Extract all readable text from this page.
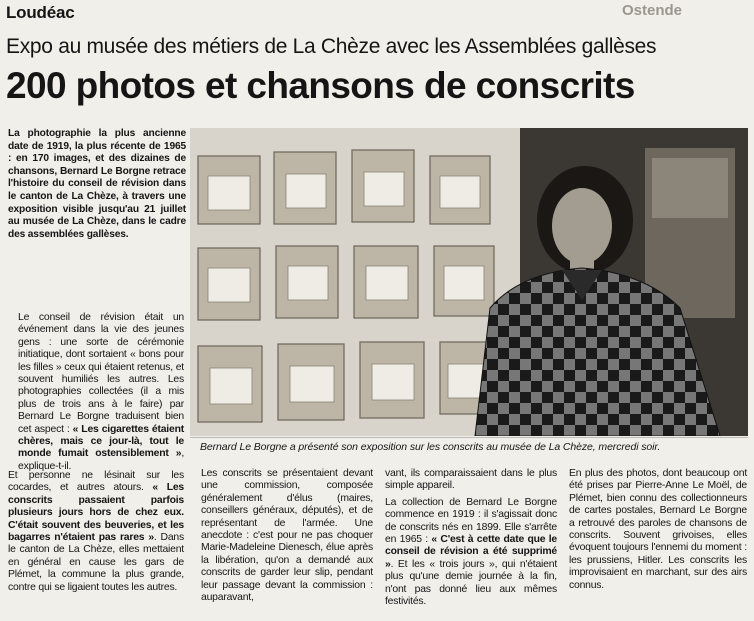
Ostende
Loudéac
Expo au musée des métiers de La Chèze avec les Assemblées gallèses
200 photos et chansons de conscrits
La photographie la plus ancienne date de 1919, la plus récente de 1965 : en 170 images, et des dizaines de chansons, Bernard Le Borgne retrace l'histoire du conseil de révision dans le canton de La Chèze, à travers une exposition visible jusqu'au 21 juillet au musée de La Chèze, dans le cadre des assemblées gallèses.
Bernard Le Borgne a présenté son exposition sur les conscrits au musée de La Chèze, mercredi soir.

Le conseil de révision était un événement dans la vie des jeunes gens : une sorte de cérémonie initiatique, dont sortaient « bons pour les filles » ceux qui étaient retenus, et souvent humiliés les autres. Les photographies collectées (il a mis plus de trois ans à le faire) par Bernard Le Borgne traduisent bien cet aspect : « Les cigarettes étaient chères, mais ce jour-là, tout le monde fumait ostensiblement », explique-t-il.

Et personne ne lésinait sur les cocardes, et autres atours. « Les conscrits passaient parfois plusieurs jours hors de chez eux. C'était souvent des beuveries, et les bagarres n'étaient pas rares ». Dans le canton de La Chèze, elles mettaient en général en cause les gars de Plémet, la commune la plus grande, contre qui se ligaient toutes les autres.

Les conscrits se présentaient devant une commission, composée généralement d'élus (maires, conseillers généraux, députés), et de représentant de l'armée. Une anecdote : c'est pour ne pas choquer Marie-Madeleine Dienesch, élue après la libération, qu'on a demandé aux conscrits de garder leur slip, pendant leur passage devant la commission : auparavant,

vant, ils comparaissaient dans le plus simple appareil.

La collection de Bernard Le Borgne commence en 1919 : il s'agissait donc de conscrits nés en 1899. Elle s'arrête en 1965 : « C'est à cette date que le conseil de révision a été supprimé ». Et les « trois jours », qui n'étaient plus qu'une demie journée à la fin, n'ont pas donné lieu aux mêmes festivités.

En plus des photos, dont beaucoup ont été prises par Pierre-Anne Le Moël, de Plémet, bien connu des collectionneurs de cartes postales, Bernard Le Borgne a retrouvé des paroles de chansons de conscrits. Souvent grivoises, elles évoquent toujours l'ennemi du moment : les prussiens, Hitler. Les conscrits les improvisaient en marchant, sur des airs connus.
